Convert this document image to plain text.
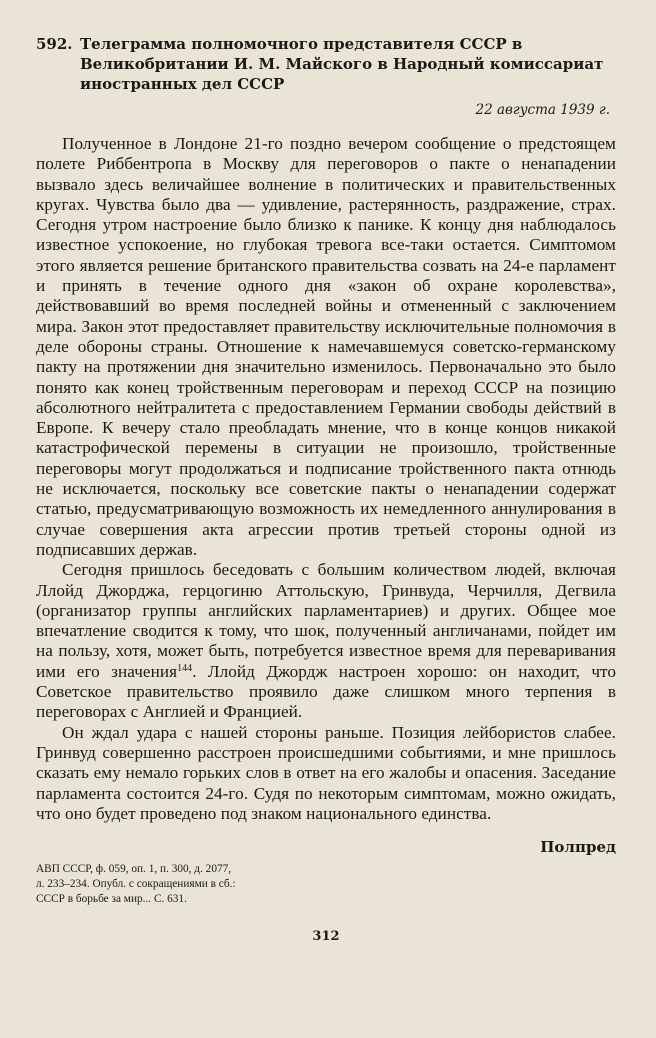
592. Телеграмма полномочного представителя СССР в Великобритании И. М. Майского в Народный комиссариат иностранных дел СССР
22 августа 1939 г.

Полученное в Лондоне 21-го поздно вечером сообщение о предстоящем полете Риббентропа в Москву для переговоров о пакте о ненападении вызвало здесь величайшее волнение в политических и правительственных кругах. Чувства было два — удивление, растерянность, раздражение, страх. Сегодня утром настроение было близко к панике. К концу дня наблюдалось известное успокоение, но глубокая тревога все-таки остается. Симптомом этого является решение британского правительства созвать на 24-е парламент и принять в течение одного дня «закон об охране королевства», действовавший во время последней войны и отмененный с заключением мира. Закон этот предоставляет правительству исключительные полномочия в деле обороны страны. Отношение к намечавшемуся советско-германскому пакту на протяжении дня значительно изменилось. Первоначально это было понято как конец тройственным переговорам и переход СССР на позицию абсолютного нейтралитета с предоставлением Германии свободы действий в Европе. К вечеру стало преобладать мнение, что в конце концов никакой катастрофической перемены в ситуации не произошло, тройственные переговоры могут продолжаться и подписание тройственного пакта отнюдь не исключается, поскольку все советские пакты о ненападении содержат статью, предусматривающую возможность их немедленного аннулирования в случае совершения акта агрессии против третьей стороны одной из подписавших держав.

Сегодня пришлось беседовать с большим количеством людей, включая Ллойд Джорджа, герцогиню Аттольскую, Гринвуда, Черчилля, Дегвила (организатор группы английских парламентариев) и других. Общее мое впечатление сводится к тому, что шок, полученный англичанами, пойдет им на пользу, хотя, может быть, потребуется известное время для переваривания ими его значения$^{144}$. Ллойд Джордж настроен хорошо: он находит, что Советское правительство проявило даже слишком много терпения в переговорах с Англией и Францией.

Он ждал удара с нашей стороны раньше. Позиция лейбористов слабее. Гринвуд совершенно расстроен происшедшими событиями, и мне пришлось сказать ему немало горьких слов в ответ на его жалобы и опасения. Заседание парламента состоится 24-го. Судя по некоторым симптомам, можно ожидать, что оно будет проведено под знаком национального единства.

Полпред
АВП СССР, ф. 059, оп. 1, п. 300, д. 2077,
л. 233–234. Опубл. с сокращениями в сб.:
СССР в борьбе за мир... С. 631.
312
